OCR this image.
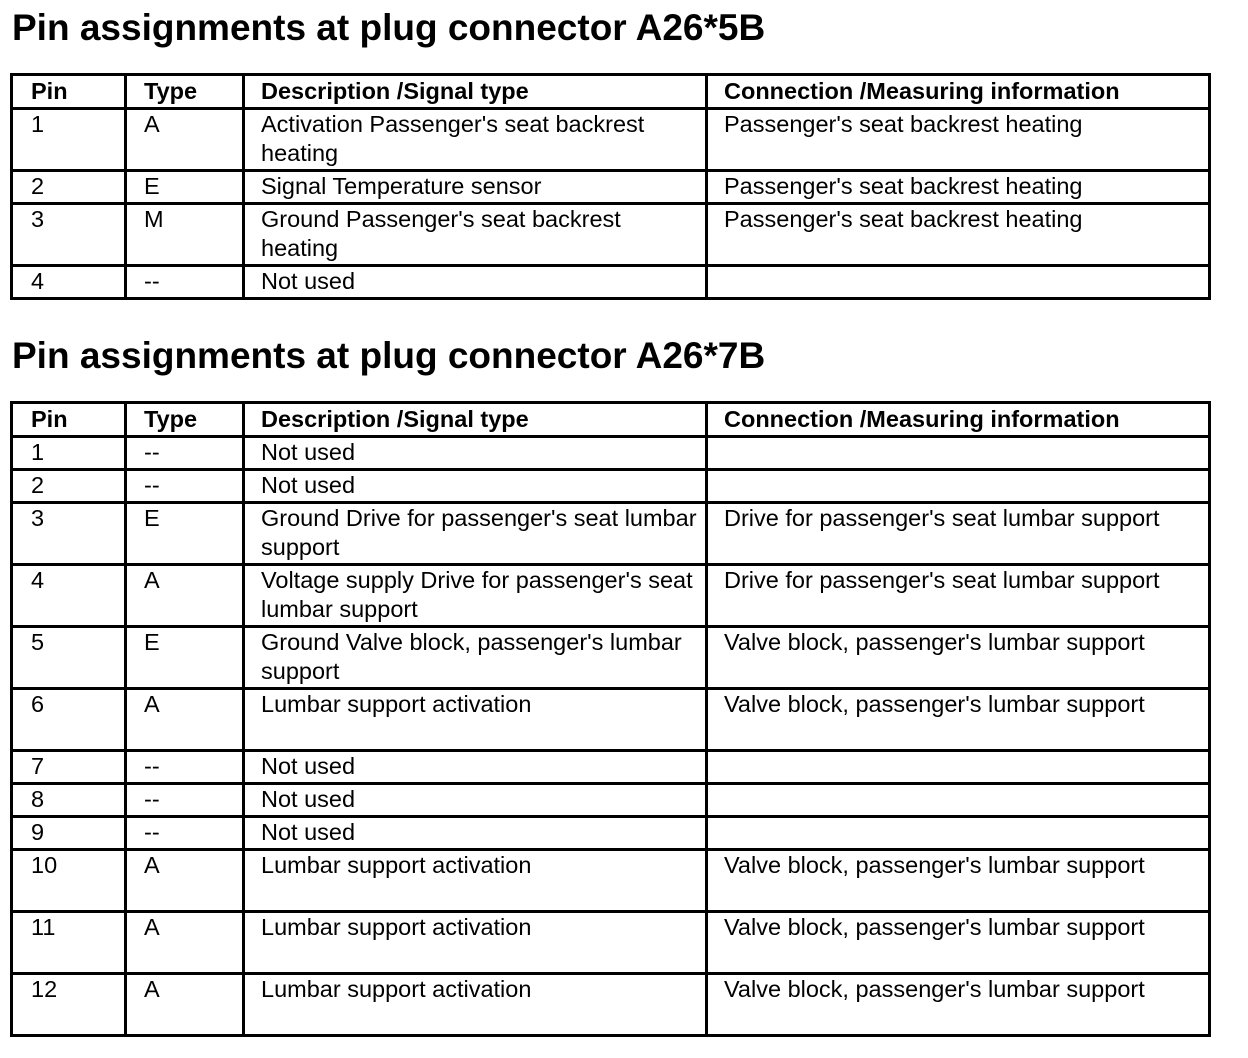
Pin assignments at plug connector A26*5B
Pin	Type	Description /Signal type	Connection /Measuring information
1	A	Activation Passenger's seat backrest heating	Passenger's seat backrest heating
2	E	Signal Temperature sensor	Passenger's seat backrest heating
3	M	Ground Passenger's seat backrest heating	Passenger's seat backrest heating
4	--	Not used	
Pin assignments at plug connector A26*7B
Pin	Type	Description /Signal type	Connection /Measuring information
1	--	Not used	
2	--	Not used	
3	E	Ground Drive for passenger's seat lumbar support	Drive for passenger's seat lumbar support
4	A	Voltage supply Drive for passenger's seat lumbar support	Drive for passenger's seat lumbar support
5	E	Ground Valve block, passenger's lumbar support	Valve block, passenger's lumbar support
6	A	Lumbar support activation	Valve block, passenger's lumbar support
7	--	Not used	
8	--	Not used	
9	--	Not used	
10	A	Lumbar support activation	Valve block, passenger's lumbar support
11	A	Lumbar support activation	Valve block, passenger's lumbar support
12	A	Lumbar support activation	Valve block, passenger's lumbar support
